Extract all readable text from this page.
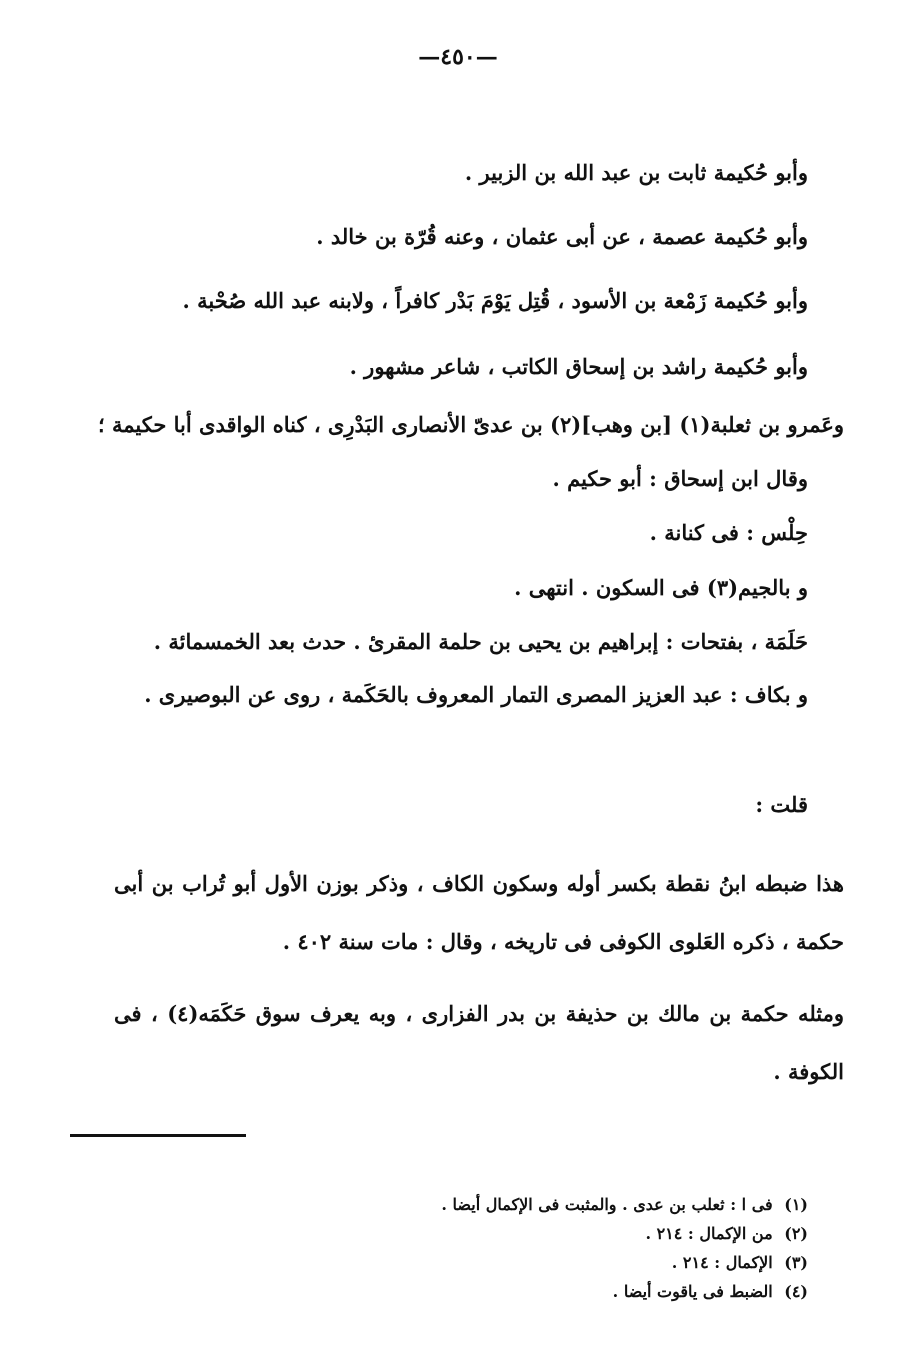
—٤٥٠—
وأبو حُكيمة ثابت بن عبد الله بن الزبير .
وأبو حُكيمة عصمة ، عن أبى عثمان ، وعنه قُرّة بن خالد .
وأبو حُكيمة زَمْعة بن الأسود ، قُتِل يَوْمَ بَدْر كافراً ، ولابنه عبد الله صُحْبة .
وأبو حُكيمة راشد بن إسحاق الكاتب ، شاعر مشهور .
وعَمرو بن ثعلبة(١) [بن وهب](٢) بن عدىّ الأنصارى البَدْرِى ، كناه الواقدى أبا حكيمة ؛
وقال ابن إسحاق : أبو حكيم .
حِلْس : فى كنانة .
و بالجيم(٣) فى السكون . انتهى .
حَلَمَة ، بفتحات : إبراهيم بن يحيى بن حلمة المقرئ . حدث بعد الخمسمائة .
و بكاف : عبد العزيز المصرى التمار المعروف بالحَكَمة ، روى عن البوصيرى .
قلت :
هذا ضبطه ابنُ نقطة بكسر أوله وسكون الكاف ، وذكر بوزن الأول أبو تُراب بن أبى حكمة ، ذكره العَلوى الكوفى فى تاريخه ، وقال : مات سنة ٤٠٢ .
ومثله حكمة بن مالك بن حذيفة بن بدر الفزارى ، وبه يعرف سوق حَكَمَه(٤) ، فى الكوفة .
(١) فى ا : ثعلب بن عدى . والمثبت فى الإكمال أيضا .
(٢) من الإكمال : ٢١٤ .
(٣) الإكمال : ٢١٤ .
(٤) الضبط فى ياقوت أيضا .
